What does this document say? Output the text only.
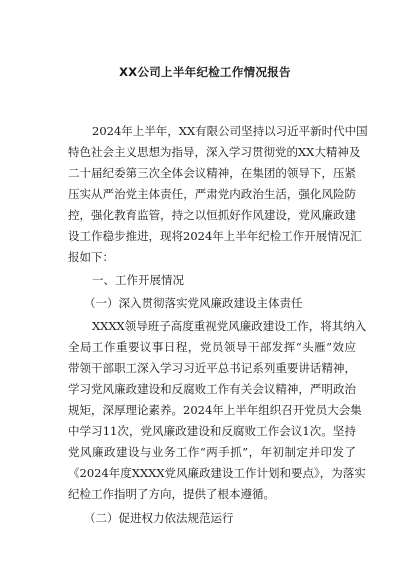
XX公司上半年纪检工作情况报告
2024年上半年，XX有限公司坚持以习近平新时代中国
特色社会主义思想为指导，深入学习贯彻党的XX大精神及
二十届纪委第三次全体会议精神，在集团的领导下，压紧
压实从严治党主体责任，严肃党内政治生活，强化风险防
控，强化教育监管，持之以恒抓好作风建设，党风廉政建
设工作稳步推进，现将2024年上半年纪检工作开展情况汇
报如下：
一、工作开展情况
（一）深入贯彻落实党风廉政建设主体责任
XXXX领导班子高度重视党风廉政建设工作，将其纳入
全局工作重要议事日程，党员领导干部发挥“头雁”效应
带领干部职工深入学习习近平总书记系列重要讲话精神，
学习党风廉政建设和反腐败工作有关会议精神，严明政治
规矩，深厚理论素养。2024年上半年组织召开党员大会集
中学习11次，党风廉政建设和反腐败工作会议1次。坚持
党风廉政建设与业务工作“两手抓”，年初制定并印发了
《2024年度XXXX党风廉政建设工作计划和要点》，为落实
纪检工作指明了方向，提供了根本遵循。
（二）促进权力依法规范运行
